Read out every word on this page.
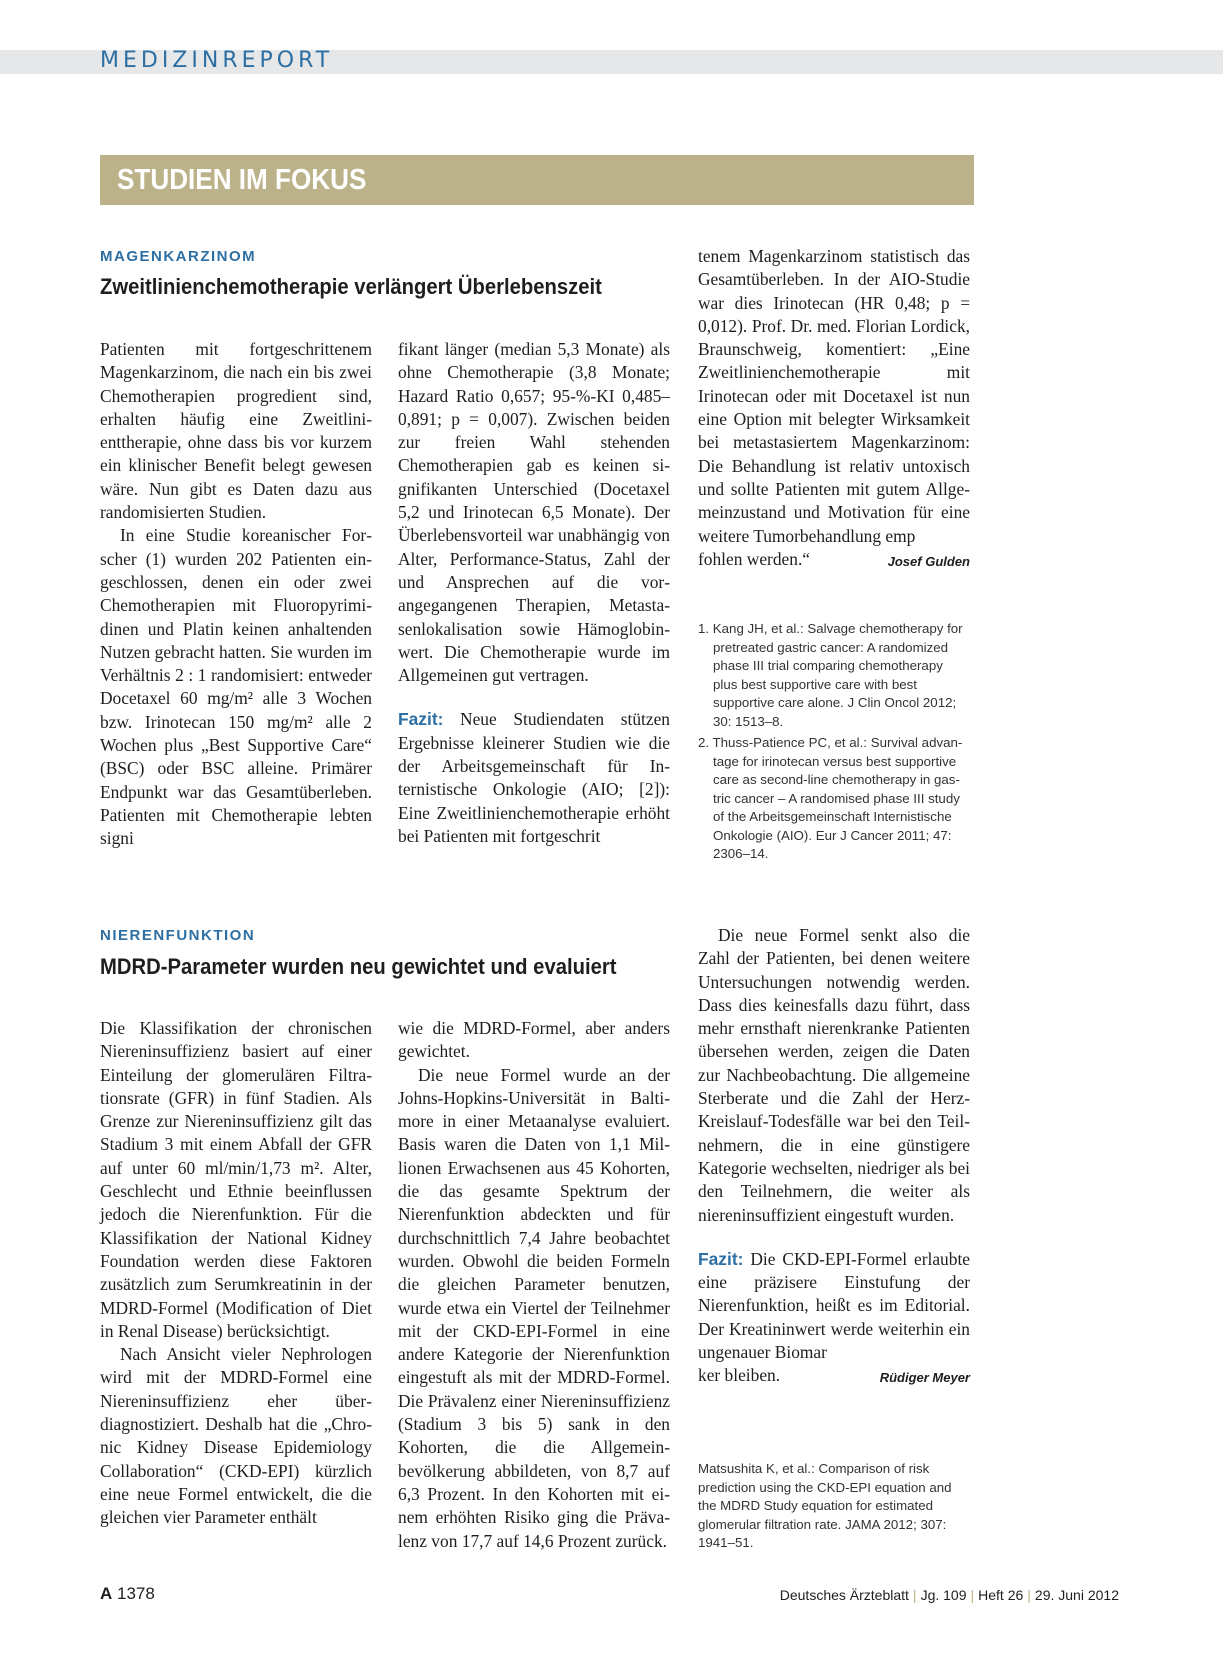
MEDIZINREPORT
STUDIEN IM FOKUS
MAGENKARZINOM
Zweitlinienchemotherapie verlängert Überlebenszeit

Patienten mit fortgeschrittenem Magenkarzinom, die nach ein bis zwei Chemotherapien progredient sind, erhalten häufig eine Zweitlinienttherapie, ohne dass bis vor kurzem ein klinischer Benefit belegt gewesen wäre. Nun gibt es Daten dazu aus randomisierten Studien.

In eine Studie koreanischer Forscher (1) wurden 202 Patienten eingeschlossen, denen ein oder zwei Chemotherapien mit Fluoropyrimidinen und Platin keinen anhaltenden Nutzen gebracht hatten. Sie wurden im Verhältnis 2 : 1 randomisiert: entweder Docetaxel 60 mg/m² alle 3 Wochen bzw. Irinotecan 150 mg/m² alle 2 Wochen plus „Best Supportive Care“ (BSC) oder BSC alleine. Primärer Endpunkt war das Gesamtüberleben. Patienten mit Chemotherapie lebten signi

fikant länger (median 5,3 Monate) als ohne Chemotherapie (3,8 Monate; Hazard Ratio 0,657; 95-%-KI 0,485–0,891; p = 0,007). Zwischen beiden zur freien Wahl stehenden Chemotherapien gab es keinen signifikanten Unterschied (Docetaxel 5,2 und Irinotecan 6,5 Monate). Der Überlebensvorteil war unabhängig von Alter, Performance-Status, Zahl der und Ansprechen auf die vorangegangenen Therapien, Metastasenlokalisation sowie Hämoglobinwert. Die Chemotherapie wurde im Allgemeinen gut vertragen.

Fazit: Neue Studiendaten stützen Ergebnisse kleinerer Studien wie die der Arbeitsgemeinschaft für Internistische Onkologie (AIO; [2]): Eine Zweitlinienchemotherapie erhöht bei Patienten mit fortgeschrit

tenem Magenkarzinom statistisch das Gesamtüberleben. In der AIO-Studie war dies Irinotecan (HR 0,48; p = 0,012). Prof. Dr. med. Florian Lordick, Braunschweig, komentiert: „Eine Zweitlinienchemotherapie mit Irinotecan oder mit Docetaxel ist nun eine Option mit belegter Wirksamkeit bei metastasiertem Magenkarzinom: Die Behandlung ist relativ untoxisch und sollte Patienten mit gutem Allgemeinzustand und Motivation für eine weitere Tumorbehandlung emp

fohlen werden.“	Josef Gulden

1. Kang JH, et al.: Salvage chemotherapy for pretreated gastric cancer: A randomized phase III trial comparing chemotherapy plus best supportive care with best supportive care alone. J Clin Oncol 2012; 30: 1513–8.
2. Thuss-Patience PC, et al.: Survival advantage for irinotecan versus best supportive care as second-line chemotherapy in gastric cancer – A randomised phase III study of the Arbeitsgemeinschaft Internistische Onkologie (AIO). Eur J Cancer 2011; 47: 2306–14.
NIERENFUNKTION
MDRD-Parameter wurden neu gewichtet und evaluiert

Die Klassifikation der chronischen Niereninsuffizienz basiert auf einer Einteilung der glomerulären Filtrationsrate (GFR) in fünf Stadien. Als Grenze zur Niereninsuffizienz gilt das Stadium 3 mit einem Abfall der GFR auf unter 60 ml/min/1,73 m². Alter, Geschlecht und Ethnie beeinflussen jedoch die Nierenfunktion. Für die Klassifikation der National Kidney Foundation werden diese Faktoren zusätzlich zum Serumkreatinin in der MDRD-Formel (Modification of Diet in Renal Disease) berücksichtigt.

Nach Ansicht vieler Nephrologen wird mit der MDRD-Formel eine Niereninsuffizienz eher überdiagnostiziert. Deshalb hat die „Chronic Kidney Disease Epidemiology Collaboration“ (CKD-EPI) kürzlich eine neue Formel entwickelt, die die gleichen vier Parameter enthält

wie die MDRD-Formel, aber anders gewichtet.

Die neue Formel wurde an der Johns-Hopkins-Universität in Baltimore in einer Metaanalyse evaluiert. Basis waren die Daten von 1,1 Millionen Erwachsenen aus 45 Kohorten, die das gesamte Spektrum der Nierenfunktion abdeckten und für durchschnittlich 7,4 Jahre beobachtet wurden. Obwohl die beiden Formeln die gleichen Parameter benutzen, wurde etwa ein Viertel der Teilnehmer mit der CKD-EPI-Formel in eine andere Kategorie der Nierenfunktion eingestuft als mit der MDRD-Formel. Die Prävalenz einer Niereninsuffizienz (Stadium 3 bis 5) sank in den Kohorten, die die Allgemeinbevölkerung abbildeten, von 8,7 auf 6,3 Prozent. In den Kohorten mit einem erhöhten Risiko ging die Prävalenz von 17,7 auf 14,6 Prozent zurück.

Die neue Formel senkt also die Zahl der Patienten, bei denen weitere Untersuchungen notwendig werden. Dass dies keinesfalls dazu führt, dass mehr ernsthaft nierenkranke Patienten übersehen werden, zeigen die Daten zur Nachbeobachtung. Die allgemeine Sterberate und die Zahl der Herz-Kreislauf-Todesfälle war bei den Teilnehmern, die in eine günstigere Kategorie wechselten, niedriger als bei den Teilnehmern, die weiter als niereninsuffizient eingestuft wurden.

Fazit: Die CKD-EPI-Formel erlaubte eine präzisere Einstufung der Nierenfunktion, heißt es im Editorial. Der Kreatininwert werde weiterhin ein ungenauer Biomar

ker bleiben.	Rüdiger Meyer

Matsushita K, et al.: Comparison of risk prediction using the CKD-EPI equation and the MDRD Study equation for estimated glomerular filtration rate. JAMA 2012; 307: 1941–51.
A 1378	Deutsches Ärzteblatt | Jg. 109 | Heft 26 | 29. Juni 2012
